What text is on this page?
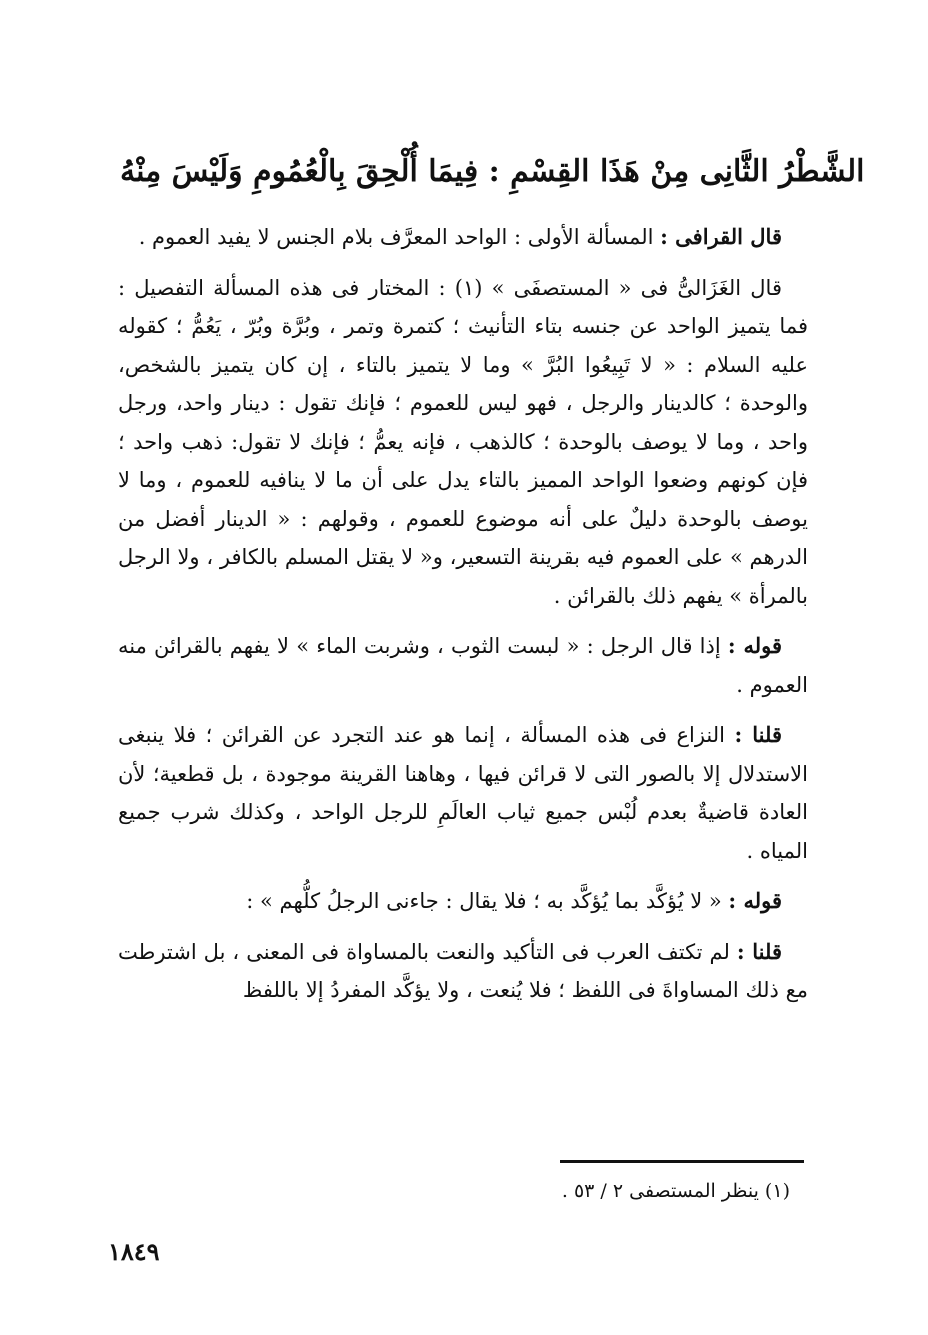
الشَّطْرُ الثَّانِى مِنْ هَذَا القِسْمِ : فِيمَا أُلْحِقَ بِالْعُمُومِ وَلَيْسَ مِنْهُ

قال القرافى : المسألة الأولى : الواحد المعرَّف بلام الجنس لا يفيد العموم .

قال الغَزَالىُّ فى « المستصفَى » (١) : المختار فى هذه المسألة التفصيل : فما يتميز الواحد عن جنسه بتاء التأنيث ؛ كتمرة وتمر ، وبُرَّة وبُرّ ، يَعُمُّ ؛ كقوله عليه السلام : « لا تَبِيعُوا البُرَّ » وما لا يتميز بالتاء ، إن كان يتميز بالشخص، والوحدة ؛ كالدينار والرجل ، فهو ليس للعموم ؛ فإنك تقول : دينار واحد، ورجل واحد ، وما لا يوصف بالوحدة ؛ كالذهب ، فإنه يعمُّ ؛ فإنك لا تقول: ذهب واحد ؛ فإن كونهم وضعوا الواحد المميز بالتاء يدل على أن ما لا ينافيه للعموم ، وما لا يوصف بالوحدة دليلٌ على أنه موضوع للعموم ، وقولهم : « الدينار أفضل من الدرهم » على العموم فيه بقرينة التسعير، و« لا يقتل المسلم بالكافر ، ولا الرجل بالمرأة » يفهم ذلك بالقرائن .

قوله : إذا قال الرجل : « لبست الثوب ، وشربت الماء » لا يفهم بالقرائن منه العموم .

قلنا : النزاع فى هذه المسألة ، إنما هو عند التجرد عن القرائن ؛ فلا ينبغى الاستدلال إلا بالصور التى لا قرائن فيها ، وهاهنا القرينة موجودة ، بل قطعية؛ لأن العادة قاضيةٌ بعدم لُبْس جميع ثياب العالَمِ للرجل الواحد ، وكذلك شرب جميع المياه .

قوله : « لا يُؤكَّد بما يُؤكَّد به ؛ فلا يقال : جاءنى الرجلُ كلُّهم » :

قلنا : لم تكتف العرب فى التأكيد والنعت بالمساواة فى المعنى ، بل اشترطت مع ذلك المساواةَ فى اللفظ ؛ فلا يُنعت ، ولا يؤكَّد المفردُ إلا باللفظ

(١) ينظر المستصفى ٢ / ٥٣ .
١٨٤٩
